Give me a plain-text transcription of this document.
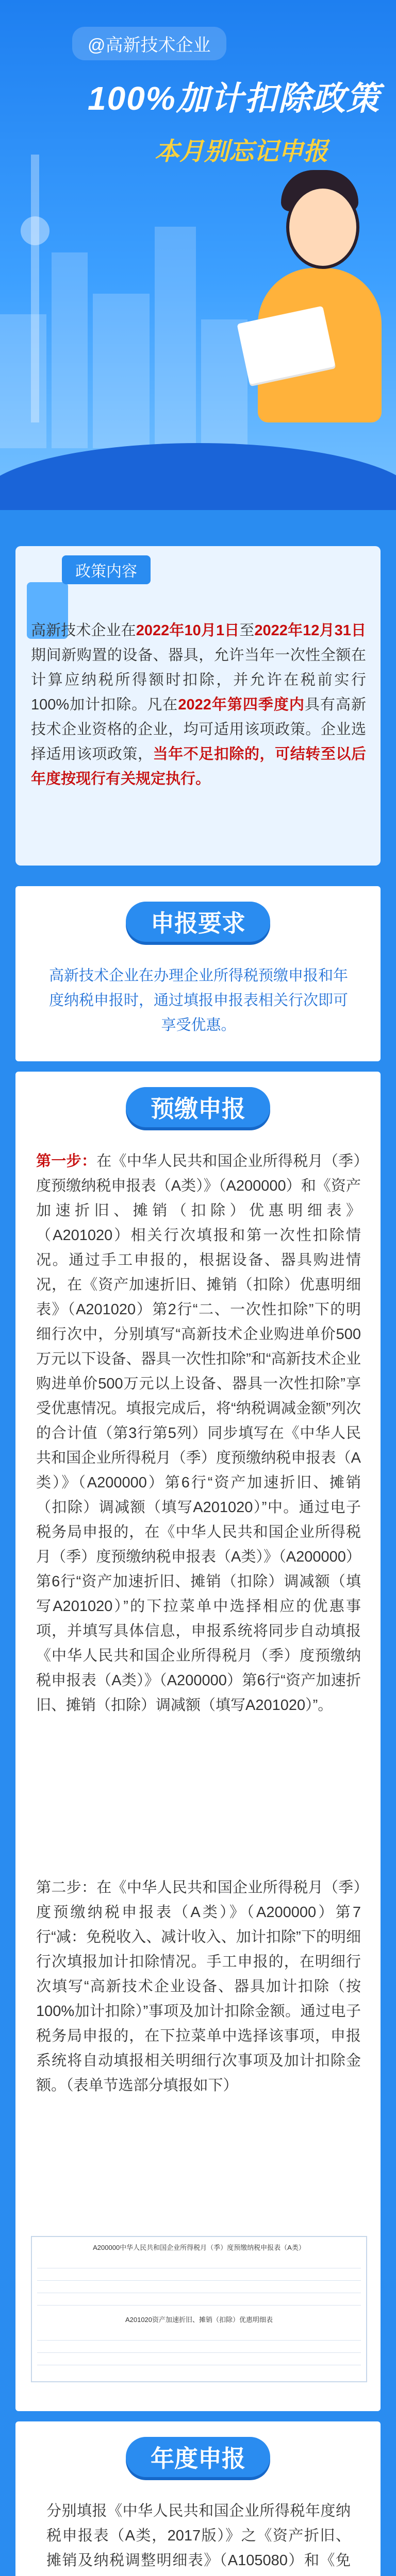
@高新技术企业
100%加计扣除政策
本月别忘记申报
政策内容
高新技术企业在2022年10月1日至2022年12月31日期间新购置的设备、器具，允许当年一次性全额在计算应纳税所得额时扣除，并允许在税前实行100%加计扣除。凡在2022年第四季度内具有高新技术企业资格的企业，均可适用该项政策。企业选择适用该项政策，当年不足扣除的，可结转至以后年度按现行有关规定执行。
申报要求
高新技术企业在办理企业所得税预缴申报和年度纳税申报时，通过填报申报表相关行次即可享受优惠。
预缴申报
第一步：在《中华人民共和国企业所得税月（季）度预缴纳税申报表（A类）》（A200000）和《资产加速折旧、摊销（扣除）优惠明细表》（A201020）相关行次填报和第一次性扣除情况。通过手工申报的，根据设备、器具购进情况，在《资产加速折旧、摊销（扣除）优惠明细表》（A201020）第2行“二、一次性扣除”下的明细行次中，分别填写“高新技术企业购进单价500万元以下设备、器具一次性扣除”和“高新技术企业购进单价500万元以上设备、器具一次性扣除”享受优惠情况。填报完成后，将“纳税调减金额”列次的合计值（第3行第5列）同步填写在《中华人民共和国企业所得税月（季）度预缴纳税申报表（A类）》（A200000）第6行“资产加速折旧、摊销（扣除）调减额（填写A201020）”中。通过电子税务局申报的，在《中华人民共和国企业所得税月（季）度预缴纳税申报表（A类）》（A200000）第6行“资产加速折旧、摊销（扣除）调减额（填写A201020）”的下拉菜单中选择相应的优惠事项，并填写具体信息，申报系统将同步自动填报《中华人民共和国企业所得税月（季）度预缴纳税申报表（A类）》（A200000）第6行“资产加速折旧、摊销（扣除）调减额（填写A201020）”。
第二步：在《中华人民共和国企业所得税月（季）度预缴纳税申报表（A类）》（A200000）第7行“减：免税收入、减计收入、加计扣除”下的明细行次填报加计扣除情况。手工申报的，在明细行次填写“高新技术企业设备、器具加计扣除（按100%加计扣除）”事项及加计扣除金额。通过电子税务局申报的，在下拉菜单中选择该事项，申报系统将自动填报相关明细行次事项及加计扣除金额。（表单节选部分填报如下）
A200000中华人民共和国企业所得税月（季）度预缴纳税申报表（A类）
A201020资产加速折旧、摊销（扣除）优惠明细表
年度申报
分别填报《中华人民共和国企业所得税年度纳税申报表（A类，2017版）》之《资产折旧、摊销及纳税调整明细表》（A105080）和《免
